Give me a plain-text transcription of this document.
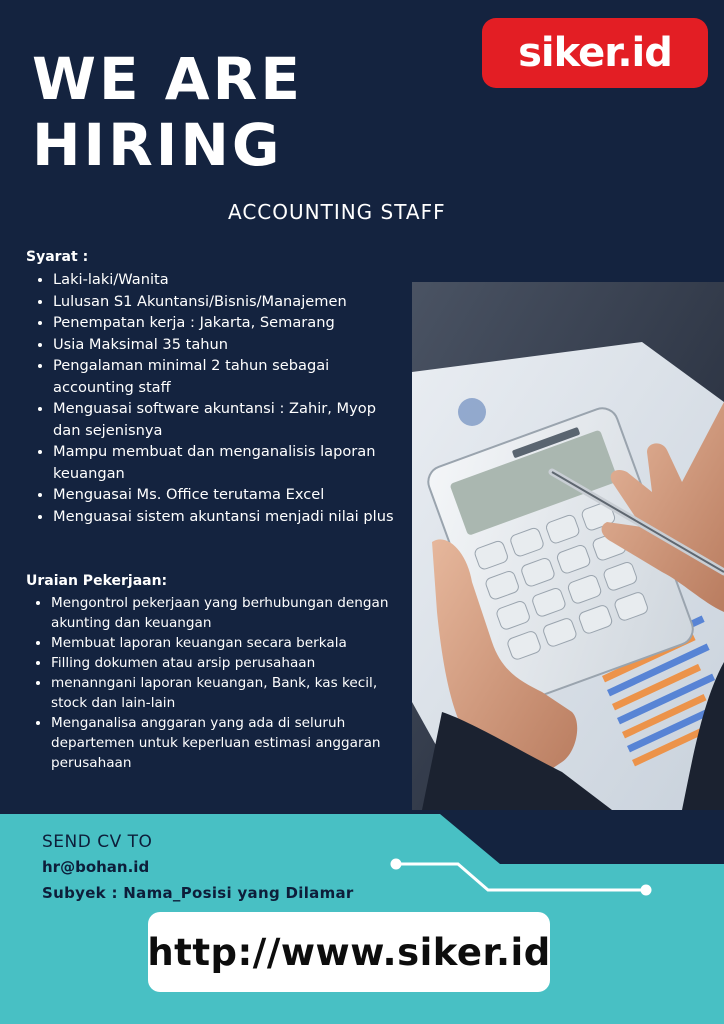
siker.id
WE ARE
HIRING
ACCOUNTING STAFF
Syarat :
• Laki-laki/Wanita
• Lulusan S1 Akuntansi/Bisnis/Manajemen
• Penempatan kerja : Jakarta, Semarang
• Usia Maksimal 35 tahun
• Pengalaman minimal 2 tahun sebagai accounting staff
• Menguasai software akuntansi : Zahir, Myop dan sejenisnya
• Mampu membuat dan menganalisis laporan keuangan
• Menguasai Ms. Office terutama Excel
• Menguasai sistem akuntansi menjadi nilai plus
Uraian Pekerjaan:
• Mengontrol pekerjaan yang berhubungan dengan akunting dan keuangan
• Membuat laporan keuangan secara berkala
• Filling dokumen atau arsip perusahaan
• menanngani laporan keuangan, Bank, kas kecil, stock dan lain-lain
• Menganalisa anggaran yang ada di seluruh departemen untuk keperluan estimasi anggaran perusahaan
SEND CV TO
hr@bohan.id
Subyek : Nama_Posisi yang Dilamar
http://www.siker.id
